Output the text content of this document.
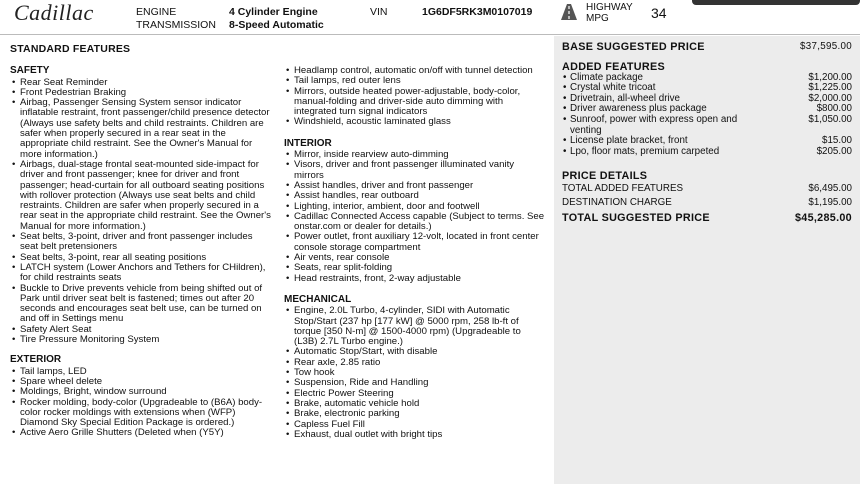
Cadillac	ENGINE	4 Cylinder Engine
TRANSMISSION 8-Speed Automatic
VIN	1G6DF5RK3M0107019	HIGHWAY
MPG	34
STANDARD FEATURES
SAFETY
• Rear Seat Reminder
• Front Pedestrian Braking
• Airbag, Passenger Sensing System sensor indicator inflatable restraint, front passenger/child presence detector (Always use safety belts and child restraints. Children are safer when properly secured in a rear seat in the appropriate child restraint. See the Owner's Manual for more information.)
• Airbags, dual-stage frontal seat-mounted side-impact for driver and front passenger; knee for driver and front passenger; head-curtain for all outboard seating positions with rollover protection (Always use seat belts and child restraints. Children are safer when properly secured in a rear seat in the appropriate child restraint. See the Owner's Manual for more information.)
• Seat belts, 3-point, driver and front passenger includes seat belt pretensioners
• Seat belts, 3-point, rear all seating positions
• LATCH system (Lower Anchors and Tethers for CHildren), for child restraints seats
• Buckle to Drive prevents vehicle from being shifted out of Park until driver seat belt is fastened; times out after 20 seconds and encourages seat belt use, can be turned on and off in Settings menu
• Safety Alert Seat
• Tire Pressure Monitoring System
EXTERIOR
• Tail lamps, LED
• Spare wheel delete
• Moldings, Bright, window surround
• Rocker molding, body-color (Upgradeable to (B6A) body-color rocker moldings with extensions when (WFP) Diamond Sky Special Edition Package is ordered.)
• Active Aero Grille Shutters (Deleted when (Y5Y)
• Headlamp control, automatic on/off with tunnel detection
• Tail lamps, red outer lens
• Mirrors, outside heated power-adjustable, body-color, manual-folding and driver-side auto dimming with integrated turn signal indicators
• Windshield, acoustic laminated glass
INTERIOR
• Mirror, inside rearview auto-dimming
• Visors, driver and front passenger illuminated vanity mirrors
• Assist handles, driver and front passenger
• Assist handles, rear outboard
• Lighting, interior, ambient, door and footwell
• Cadillac Connected Access capable (Subject to terms. See onstar.com or dealer for details.)
• Power outlet, front auxiliary 12-volt, located in front center console storage compartment
• Air vents, rear console
• Seats, rear split-folding
• Head restraints, front, 2-way adjustable
MECHANICAL
• Engine, 2.0L Turbo, 4-cylinder, SIDI with Automatic Stop/Start (237 hp [177 kW] @ 5000 rpm, 258 lb-ft of torque [350 N-m] @ 1500-4000 rpm) (Upgradeable to (L3B) 2.7L Turbo engine.)
• Automatic Stop/Start, with disable
• Rear axle, 2.85 ratio
• Tow hook
• Suspension, Ride and Handling
• Electric Power Steering
• Brake, automatic vehicle hold
• Brake, electronic parking
• Capless Fuel Fill
• Exhaust, dual outlet with bright tips
BASE SUGGESTED PRICE	$37,595.00
ADDED FEATURES
• Climate package	$1,200.00
• Crystal white tricoat	$1,225.00
• Drivetrain, all-wheel drive	$2,000.00
• Driver awareness plus package	$800.00
• Sunroof, power with express open and venting
$1,050.00
• License plate bracket, front	$15.00
• Lpo, floor mats, premium carpeted	$205.00
PRICE DETAILS
TOTAL ADDED FEATURES	$6,495.00
DESTINATION CHARGE	$1,195.00
TOTAL SUGGESTED PRICE	$45,285.00
